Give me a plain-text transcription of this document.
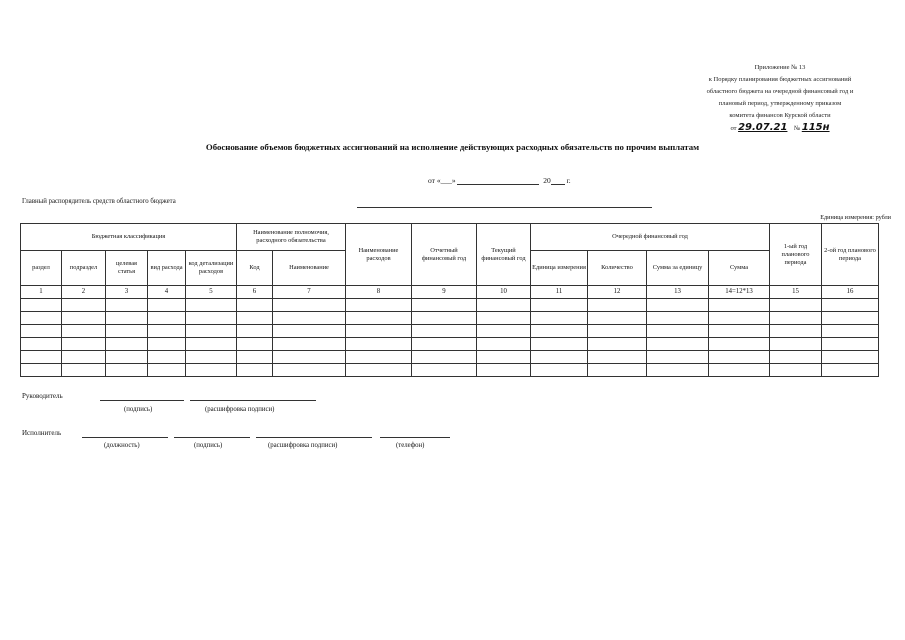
Приложение № 13
к Порядку планирования бюджетных ассигнований
областного бюджета на очередной финансовый год и
плановый период, утвержденному приказом
комитета финансов Курской области
от 29.07.21 № 115н
Обоснование объемов бюджетных ассигнований на исполнение действующих расходных обязательств по прочим выплатам
от «___»	20 г.
Главный распорядитель средств областного бюджета
Единица измерения: рубли
Бюджетная классификация					Наименование полномочия, расходного обязательства		Наименование расходов	Отчетный финансовый год	Текущий финансовый год	Очередной финансовый год				1-ый год планового периода	2-ой год планового периода
раздел	подраздел	целевая статья	вид расхода	код детализации расходов	Код	Наименование				Единица измерения	Количество	Сумма за единицу	Сумма		
1	2	3	4	5	6	7	8	9	10	11	12	13	14=12*13	15	16

Руководитель
(подпись)	(расшифровка подписи)
Исполнитель
(должность)	(подпись)	(расшифровка подписи)	(телефон)
